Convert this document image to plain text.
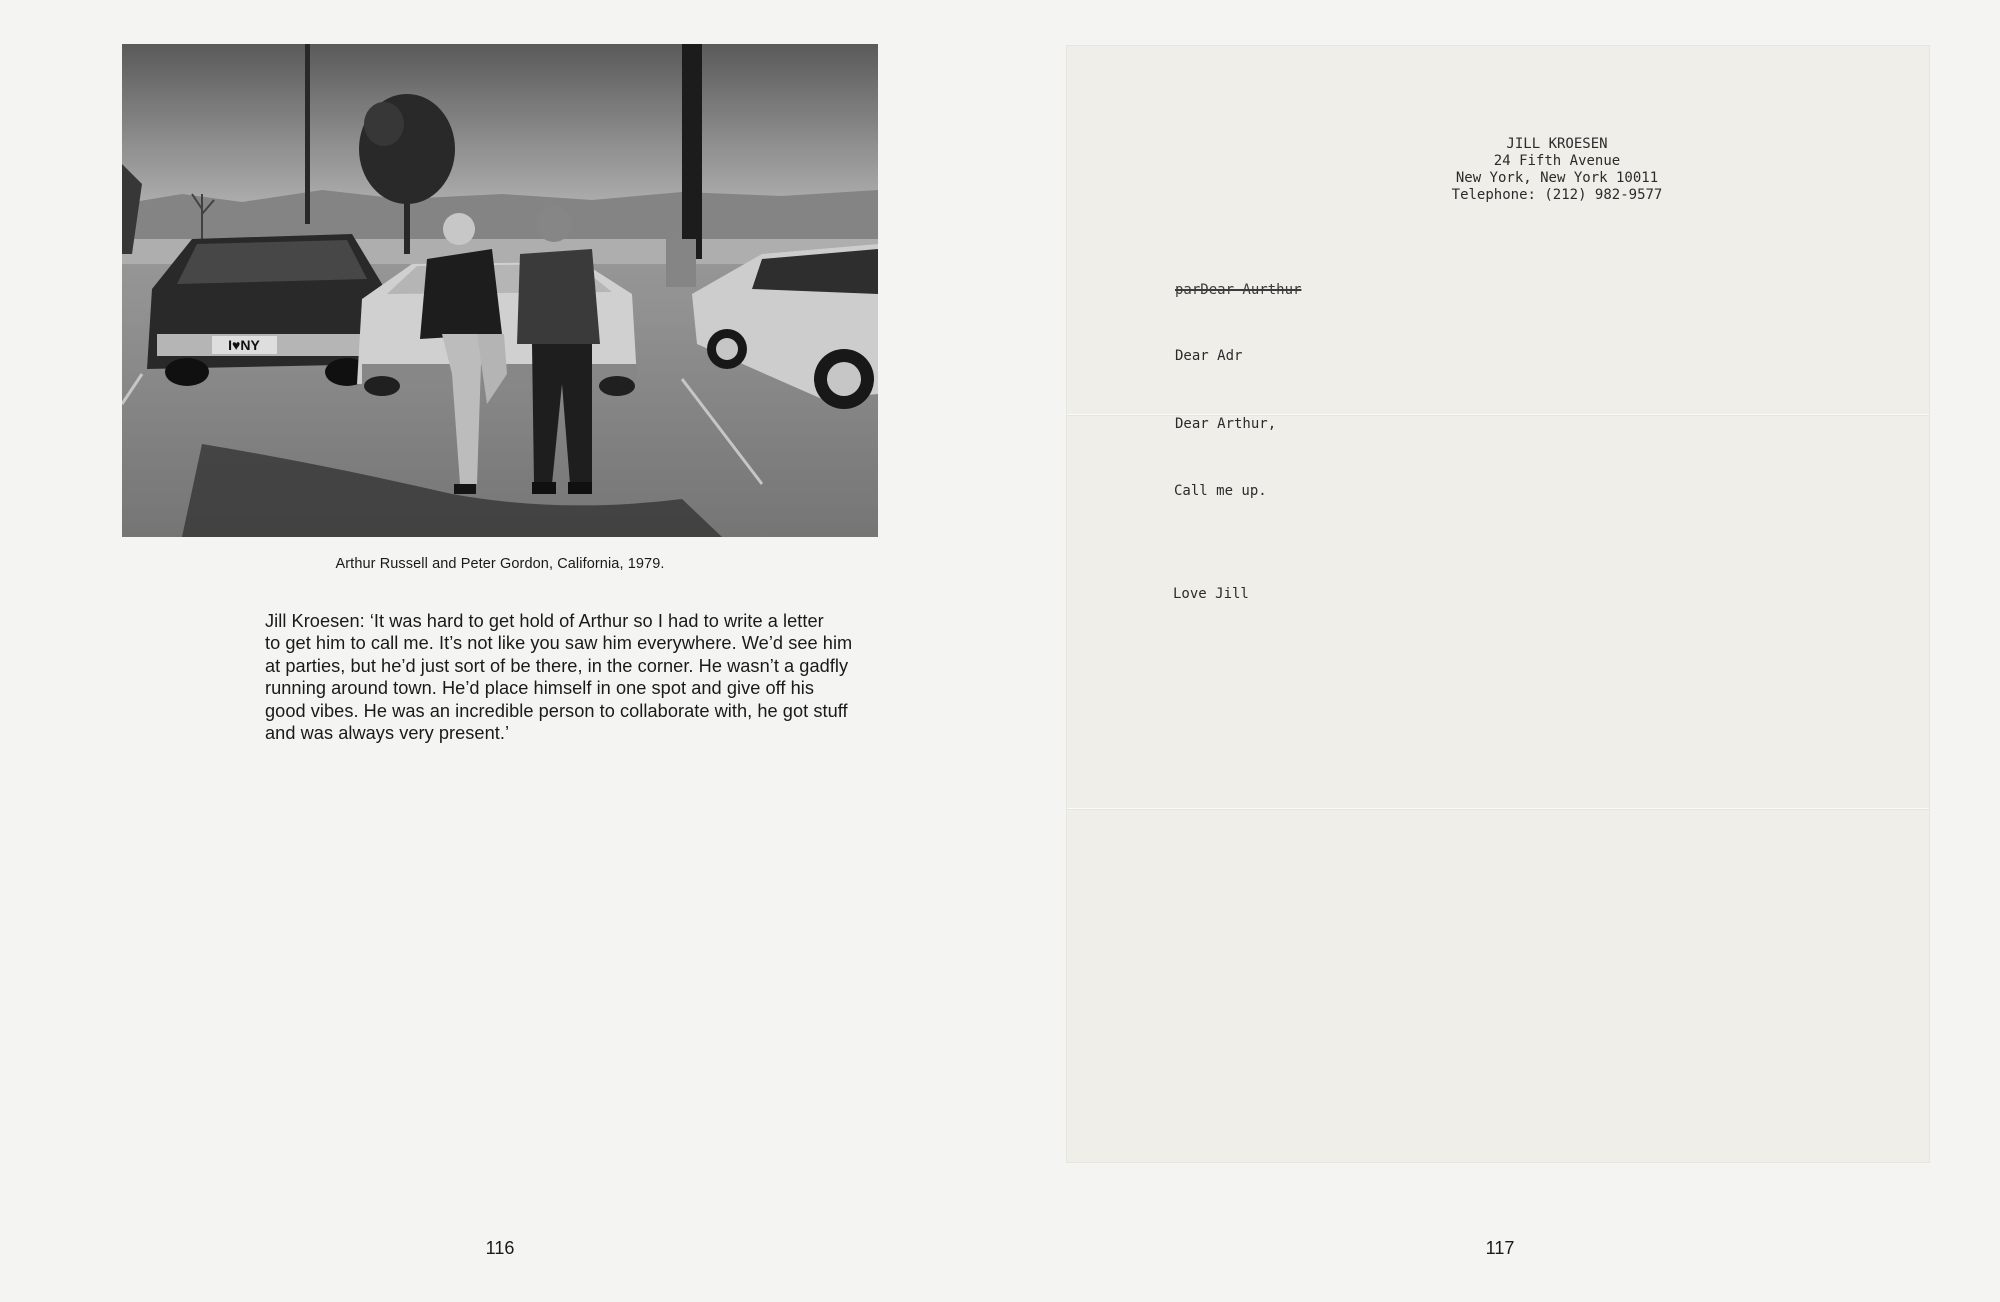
I♥NY
Arthur Russell and Peter Gordon, California, 1979.

Jill Kroesen: ‘It was hard to get hold of Arthur so I had to write a letter

to get him to call me. It’s not like you saw him everywhere. We’d see him

at parties, but he’d just sort of be there, in the corner. He wasn’t a gadfly

running around town. He’d place himself in one spot and give off his

good vibes. He was an incredible person to collaborate with, he got stuff

and was always very present.’

116
JILL KROESEN
24 Fifth Avenue
New York, New York 10011
Telephone: (212) 982-9577
parDear Aurthur
Dear Adr
Dear Arthur,
Call me up.
Love Jill
117
